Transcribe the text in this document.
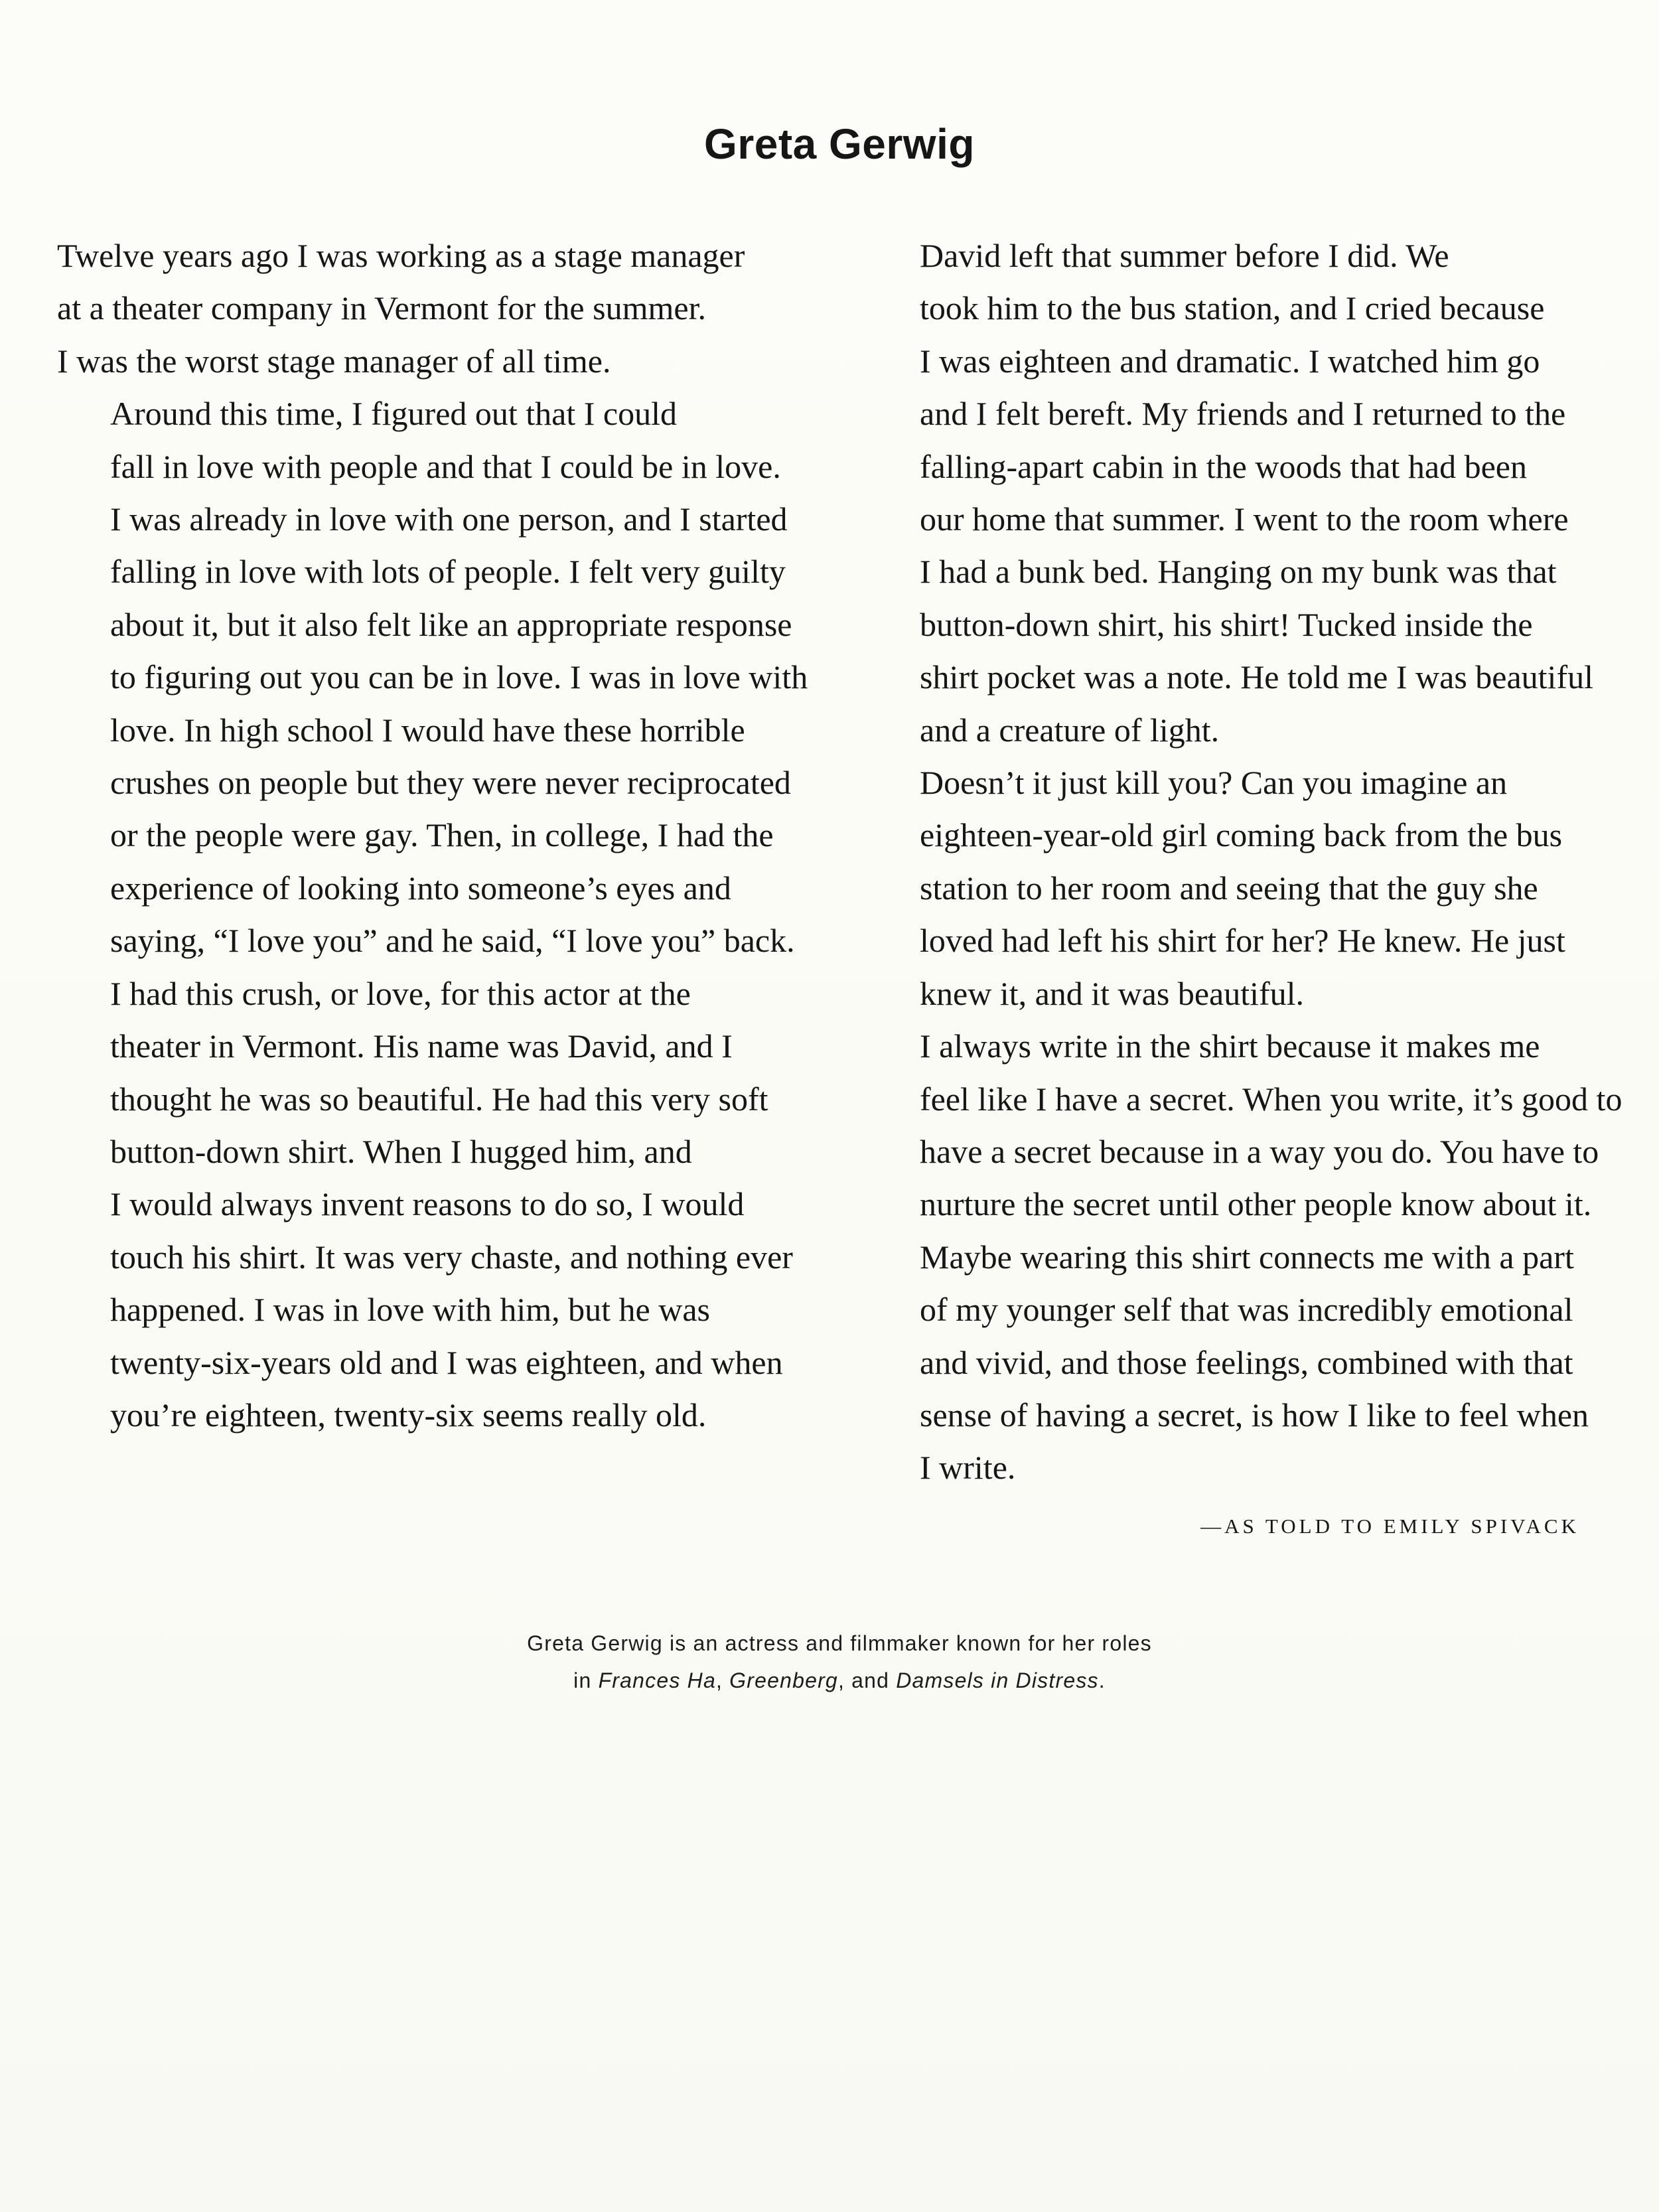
Greta Gerwig

Twelve years ago I was working as a stage manager
at a theater company in Vermont for the summer.
I was the worst stage manager of all time.

Around this time, I figured out that I could
fall in love with people and that I could be in love.
I was already in love with one person, and I started
falling in love with lots of people. I felt very guilty
about it, but it also felt like an appropriate response
to figuring out you can be in love. I was in love with
love. In high school I would have these horrible
crushes on people but they were never reciprocated
or the people were gay. Then, in college, I had the
experience of looking into someone’s eyes and
saying, “I love you” and he said, “I love you” back.

I had this crush, or love, for this actor at the
theater in Vermont. His name was David, and I
thought he was so beautiful. He had this very soft
button-down shirt. When I hugged him, and
I would always invent reasons to do so, I would
touch his shirt. It was very chaste, and nothing ever
happened. I was in love with him, but he was
twenty-six-years old and I was eighteen, and when
you’re eighteen, twenty-six seems really old.

David left that summer before I did. We
took him to the bus station, and I cried because
I was eighteen and dramatic. I watched him go
and I felt bereft. My friends and I returned to the
falling-apart cabin in the woods that had been
our home that summer. I went to the room where
I had a bunk bed. Hanging on my bunk was that
button-down shirt, his shirt! Tucked inside the
shirt pocket was a note. He told me I was beautiful
and a creature of light.

Doesn’t it just kill you? Can you imagine an
eighteen-year-old girl coming back from the bus
station to her room and seeing that the guy she
loved had left his shirt for her? He knew. He just
knew it, and it was beautiful.

I always write in the shirt because it makes me
feel like I have a secret. When you write, it’s good to
have a secret because in a way you do. You have to
nurture the secret until other people know about it.
Maybe wearing this shirt connects me with a part
of my younger self that was incredibly emotional
and vivid, and those feelings, combined with that
sense of having a secret, is how I like to feel when
I write.

—AS TOLD TO EMILY SPIVACK
Greta Gerwig is an actress and filmmaker known for her roles
in Frances Ha, Greenberg, and Damsels in Distress.
